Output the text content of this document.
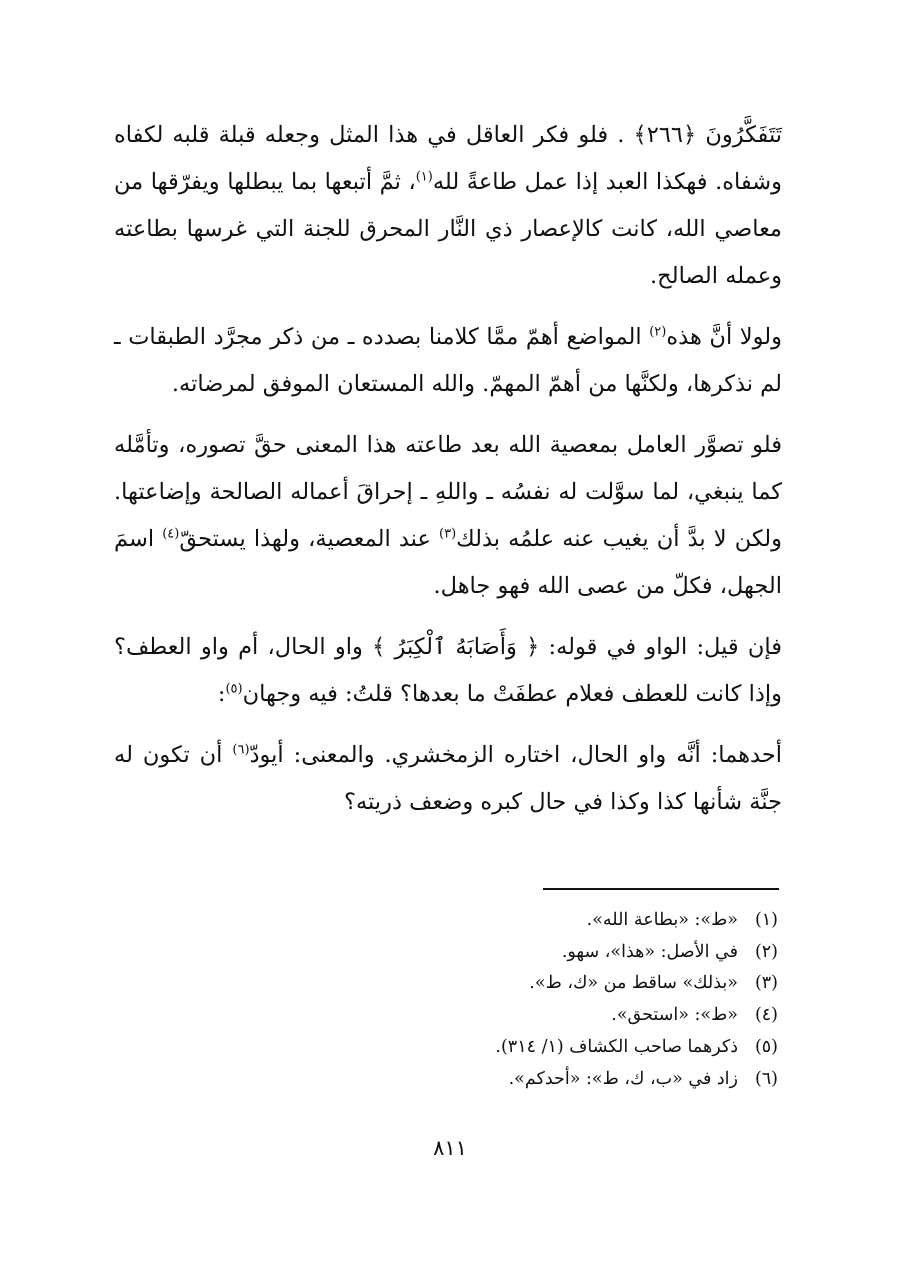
تَتَفَكَّرُونَ ﴿٢٦٦﴾ . فلو فكر العاقل في هذا المثل وجعله قبلة قلبه لكفاه وشفاه. فهكذا العبد إذا عمل طاعةً لله$^{(١)}$، ثمَّ أتبعها بما يبطلها ويفرّقها من معاصي الله، كانت كالإعصار ذي النَّار المحرق للجنة التي غرسها بطاعته وعمله الصالح.

ولولا أنَّ هذه$^{(٢)}$ المواضع أهمّ ممَّا كلامنا بصدده ـ من ذكر مجرَّد الطبقات ـ لم نذكرها، ولكنَّها من أهمّ المهمّ. والله المستعان الموفق لمرضاته.

فلو تصوَّر العامل بمعصية الله بعد طاعته هذا المعنى حقَّ تصوره، وتأمَّله كما ينبغي، لما سوَّلت له نفسُه ـ واللهِ ـ إحراقَ أعماله الصالحة وإضاعتها. ولكن لا بدَّ أن يغيب عنه علمُه بذلك$^{(٣)}$ عند المعصية، ولهذا يستحقّ$^{(٤)}$ اسمَ الجهل، فكلّ من عصى الله فهو جاهل.

فإن قيل: الواو في قوله: ﴿ وَأَصَابَهُ ٱلْكِبَرُ ﴾ واو الحال، أم واو العطف؟ وإذا كانت للعطف فعلام عطفَتْ ما بعدها؟ قلتُ: فيه وجهان$^{(٥)}$:

أحدهما: أنَّه واو الحال، اختاره الزمخشري. والمعنى: أيودّ$^{(٦)}$ أن تكون له جنَّة شأنها كذا وكذا في حال كبره وضعف ذريته؟

(١)«ط»: «بطاعة الله».
(٢)في الأصل: «هذا»، سهو.
(٣)«بذلك» ساقط من «ك، ط».
(٤)«ط»: «استحق».
(٥)ذكرهما صاحب الكشاف (١/ ٣١٤).
(٦)زاد في «ب، ك، ط»: «أحدكم».
٨١١
